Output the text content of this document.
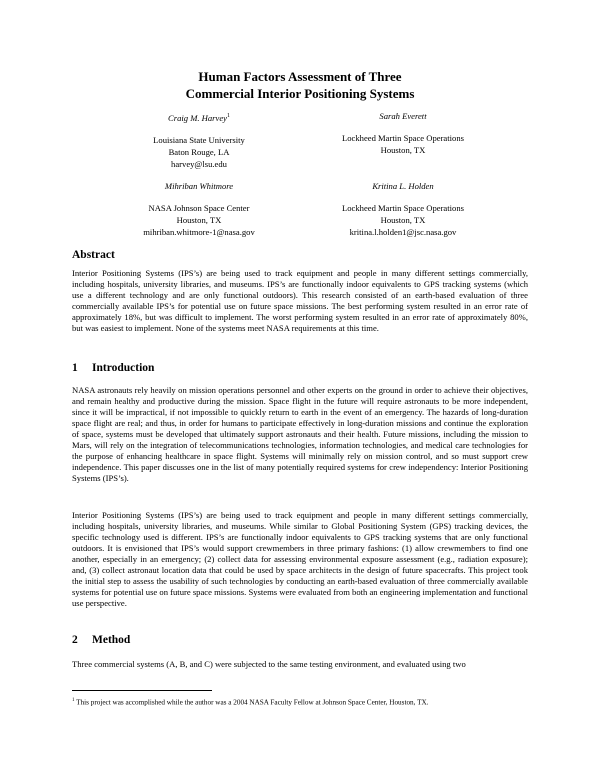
Human Factors Assessment of Three
Commercial Interior Positioning Systems
Craig M. Harvey$^1$
Louisiana State University
Baton Rouge, LA
harvey@lsu.edu
Sarah Everett
Lockheed Martin Space Operations
Houston, TX
Mihriban Whitmore
NASA Johnson Space Center
Houston, TX
mihriban.whitmore-1@nasa.gov
Kritina L. Holden
Lockheed Martin Space Operations
Houston, TX
kritina.l.holden1@jsc.nasa.gov
Abstract
Interior Positioning Systems (IPS’s) are being used to track equipment and people in many different settings commercially, including hospitals, university libraries, and museums. IPS’s are functionally indoor equivalents to GPS tracking systems (which use a different technology and are only functional outdoors). This research consisted of an earth-based evaluation of three commercially available IPS’s for potential use on future space missions. The best performing system resulted in an error rate of approximately 18%, but was difficult to implement. The worst performing system resulted in an error rate of approximately 80%, but was easiest to implement. None of the systems meet NASA requirements at this time.
1 Introduction
NASA astronauts rely heavily on mission operations personnel and other experts on the ground in order to achieve their objectives, and remain healthy and productive during the mission. Space flight in the future will require astronauts to be more independent, since it will be impractical, if not impossible to quickly return to earth in the event of an emergency. The hazards of long-duration space flight are real; and thus, in order for humans to participate effectively in long-duration missions and continue the exploration of space, systems must be developed that ultimately support astronauts and their health. Future missions, including the mission to Mars, will rely on the integration of telecommunications technologies, information technologies, and medical care technologies for the purpose of enhancing healthcare in space flight. Systems will minimally rely on mission control, and so must support crew independence. This paper discusses one in the list of many potentially required systems for crew independency: Interior Positioning Systems (IPS’s).
Interior Positioning Systems (IPS’s) are being used to track equipment and people in many different settings commercially, including hospitals, university libraries, and museums. While similar to Global Positioning System (GPS) tracking devices, the specific technology used is different. IPS’s are functionally indoor equivalents to GPS tracking systems that are only functional outdoors. It is envisioned that IPS’s would support crewmembers in three primary fashions: (1) allow crewmembers to find one another, especially in an emergency; (2) collect data for assessing environmental exposure assessment (e.g., radiation exposure); and, (3) collect astronaut location data that could be used by space architects in the design of future spacecrafts. This project took the initial step to assess the usability of such technologies by conducting an earth-based evaluation of three commercially available systems for potential use on future space missions. Systems were evaluated from both an engineering implementation and functional use perspective.
2 Method
Three commercial systems (A, B, and C) were subjected to the same testing environment, and evaluated using two
$^1$ This project was accomplished while the author was a 2004 NASA Faculty Fellow at Johnson Space Center, Houston, TX.
